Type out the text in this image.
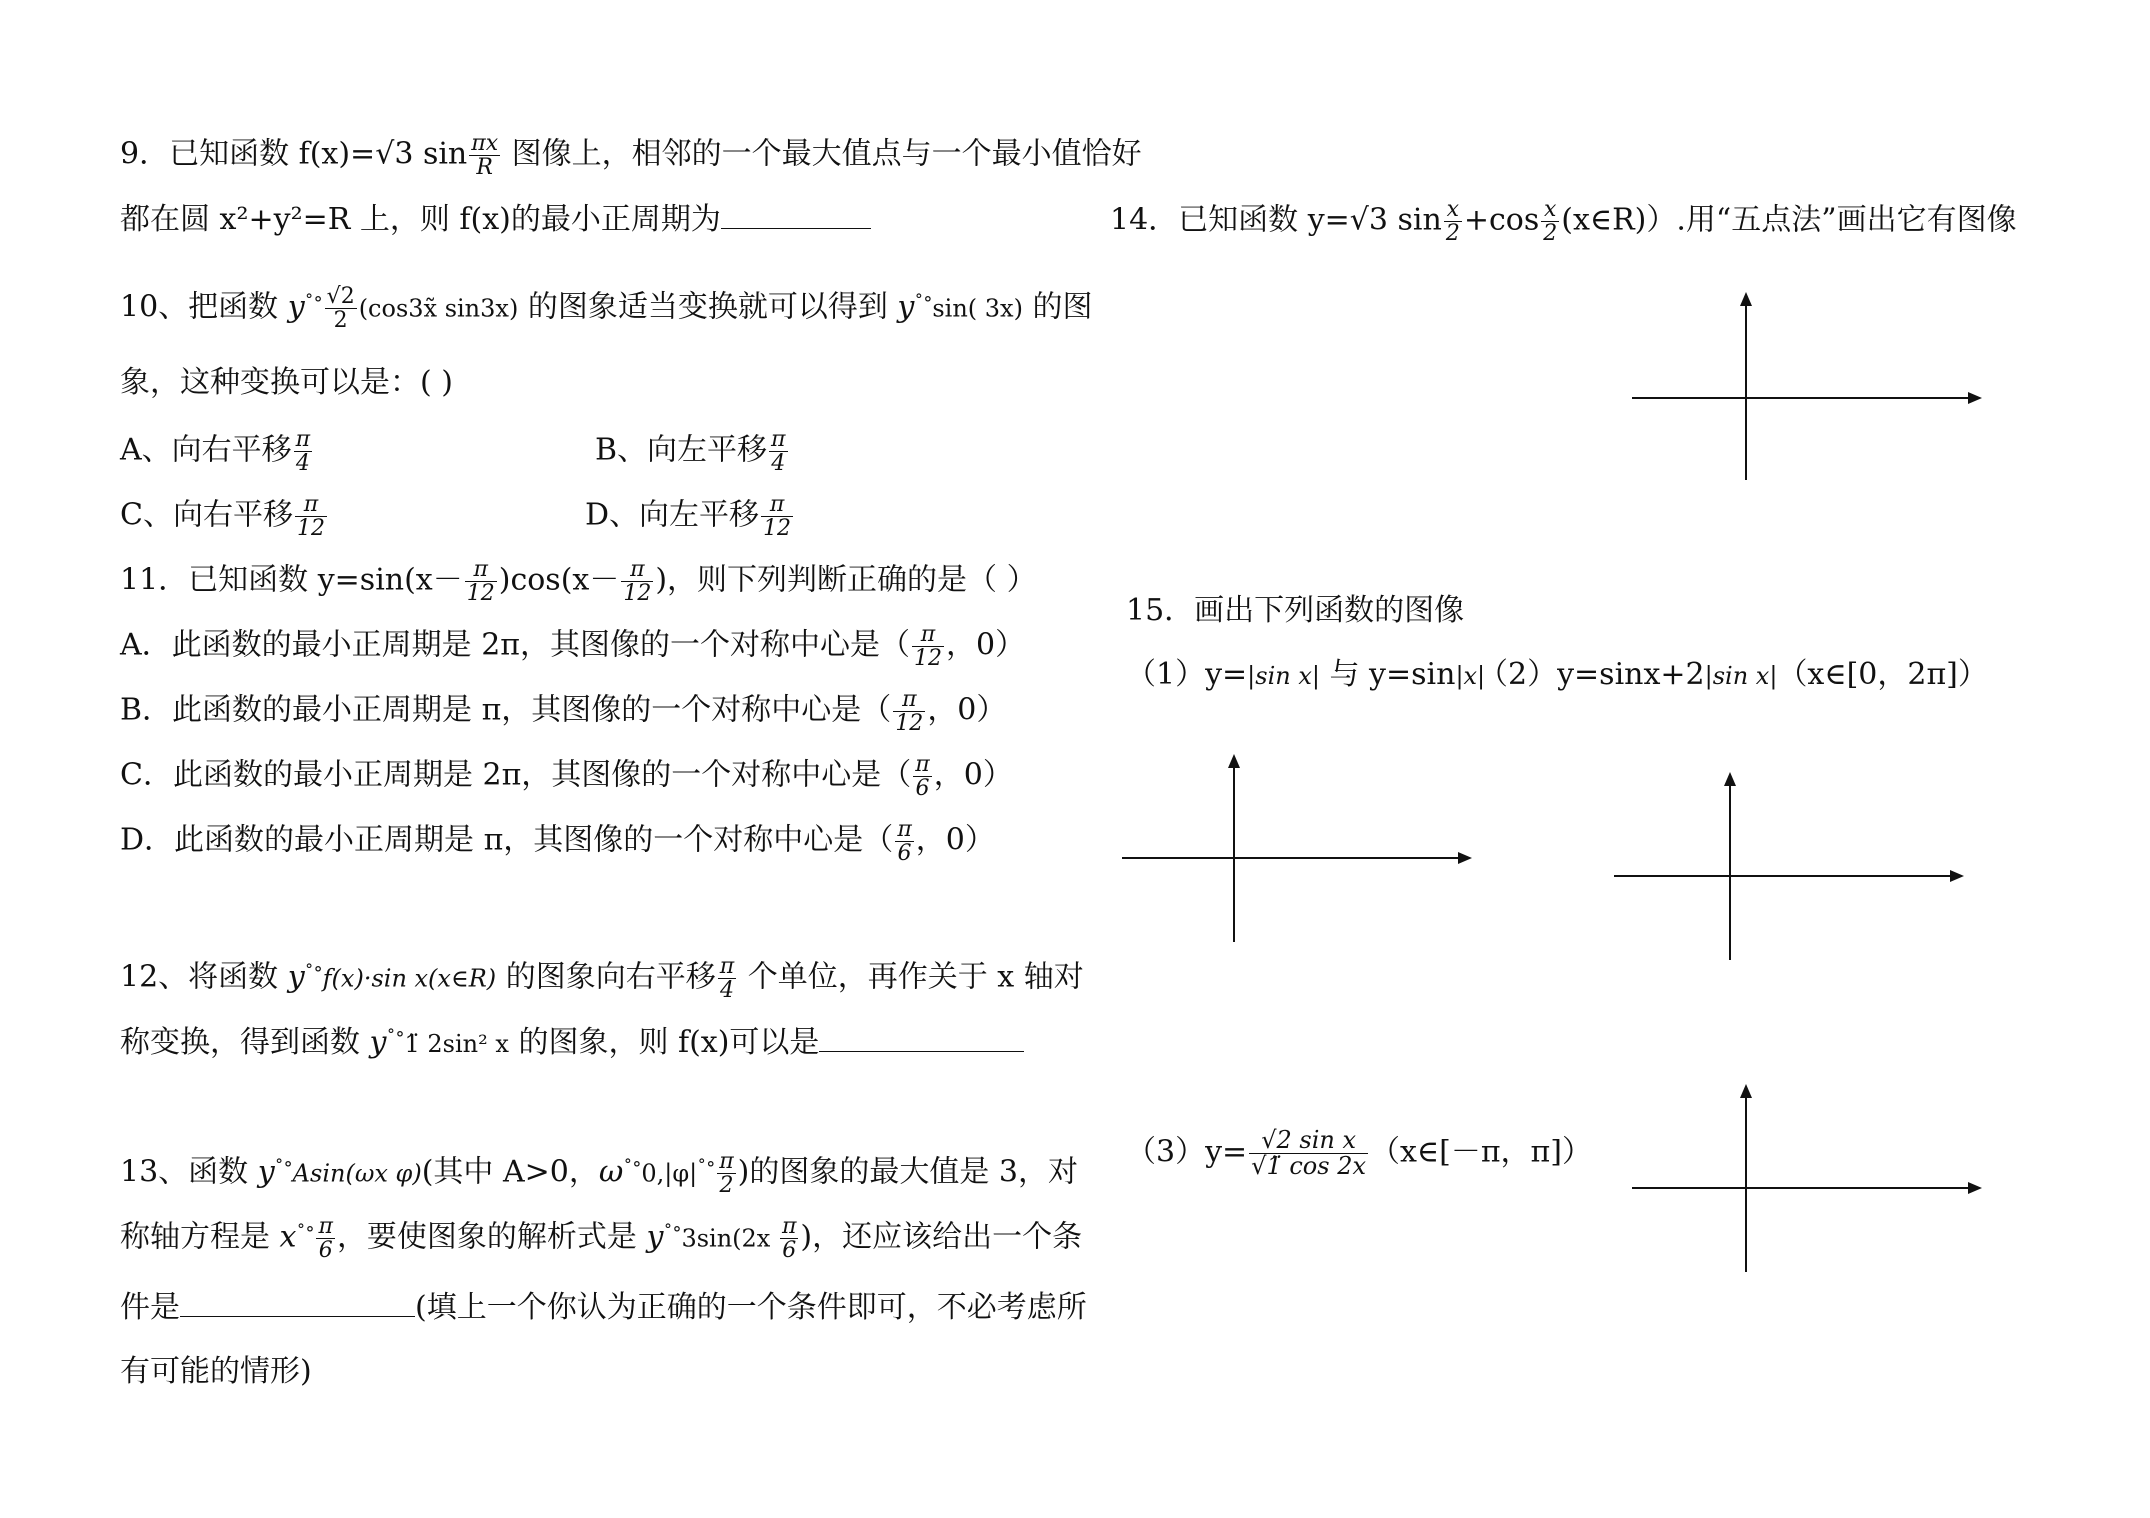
9．已知函数 f(x)=√3 $\sin \frac{\pi x}{R}$ 图像上，相邻的一个最大值点与一个最小值恰好
都在圆 x²+y²=R 上，则 f(x)的最小正周期为
10、把函数 $y^{˚^\circ} \frac{√2}{2}$ (cos3x̃ sin3x) 的图象适当变换就可以得到 y˚°sin( 3x) 的图
象，这种变换可以是：( )
A、向右平移 $\frac{\pi}{4}$	B、向左平移 $\frac{\pi}{4}$
C、向右平移 $\frac{\pi}{12}$	D、向左平移 $\frac{\pi}{12}$
11．已知函数 $y=\sin(x- \frac{\pi}{12} )\cos(x- \frac{\pi}{12}$ )，则下列判断正确的是（ ）
A．此函数的最小正周期是 2π，其图像的一个对称中心是（ $\frac{\pi}{12}$ ，0）
B．此函数的最小正周期是 π，其图像的一个对称中心是（ $\frac{\pi}{12}$ ，0）
C．此函数的最小正周期是 2π，其图像的一个对称中心是（ $\frac{\pi}{6}$ ，0）
D．此函数的最小正周期是 π，其图像的一个对称中心是（ $\frac{\pi}{6}$ ，0）
12、将函数 y˚°f(x)·sin x(x∈R) 的图象向右平移 $\frac{\pi}{4}$ 个单位，再作关于 x 轴对
称变换，得到函数 y˚°1̈ 2sin² x 的图象，则 f(x)可以是
13、函数 y˚°Asin(ωx φ)(其中 A>0，$\omega^{˚^\circ}0,|\varphi|^{˚^\circ} \frac{\pi}{2}$ )的图象的最大值是 3，对
称轴方程是 $x^{˚^\circ} \frac{\pi}{6}$ ，要使图象的解析式是 $y^{˚^\circ}3\sin(2x \frac{\pi}{6}$ )，还应该给出一个条
件是	(填上一个你认为正确的一个条件即可，不必考虑所
有可能的情形)
14．已知函数 y=√3 $\sin \frac{x}{2} +\cos \frac{x}{2}$ (x∈R)）.用“五点法”画出它有图像
15．画出下列函数的图像
（1）y=|sin x| 与 y=sin|x|
（2）y=sinx+2|sin x|（x∈[0，2π]）
$(3)y= \frac{\text{√2 sin x}}{√1̈ \cos 2x}$ （x∈[－π，π]）
